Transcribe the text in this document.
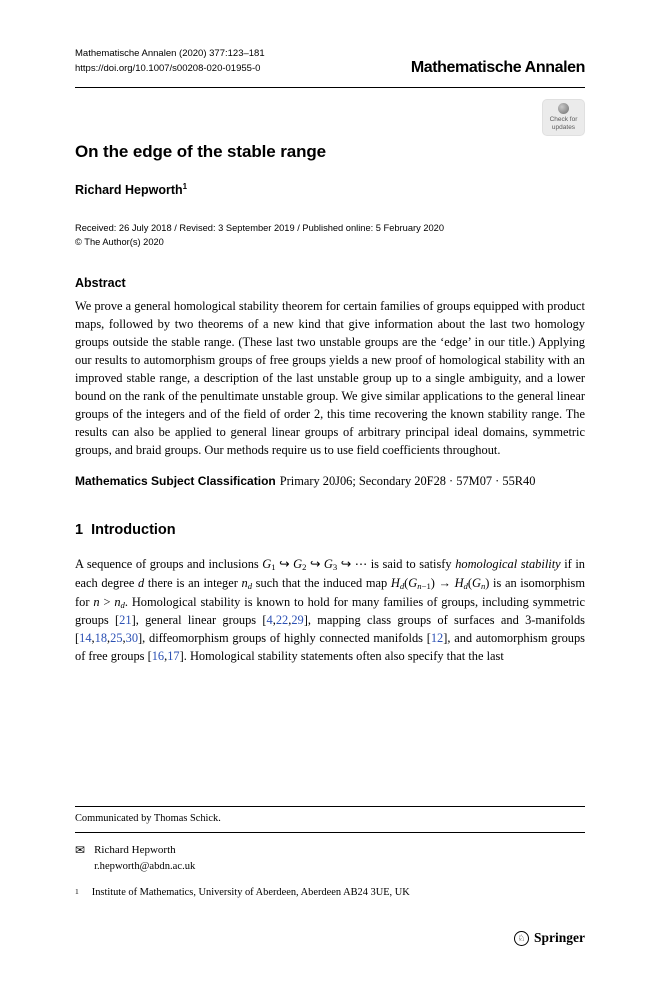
Mathematische Annalen (2020) 377:123–181
https://doi.org/10.1007/s00208-020-01955-0	Mathematische Annalen
Check for
updates
On the edge of the stable range
Richard Hepworth$^1$
Received: 26 July 2018 / Revised: 3 September 2019 / Published online: 5 February 2020
© The Author(s) 2020
Abstract

We prove a general homological stability theorem for certain families of groups equipped with product maps, followed by two theorems of a new kind that give information about the last two homology groups outside the stable range. (These last two unstable groups are the ‘edge’ in our title.) Applying our results to automorphism groups of free groups yields a new proof of homological stability with an improved stable range, a description of the last unstable group up to a single ambiguity, and a lower bound on the rank of the penultimate unstable group. We give similar applications to the general linear groups of the integers and of the field of order 2, this time recovering the known stability range. The results can also be applied to general linear groups of arbitrary principal ideal domains, symmetric groups, and braid groups. Our methods require us to use field coefficients throughout.

Mathematics Subject Classification Primary 20J06; Secondary 20F28 · 57M07 · 55R40

1 Introduction

A sequence of groups and inclusions $G_1$ ↪ $G_2$ ↪ $G_3$ ↪ ⋯ is said to satisfy homological stability if in each degree d there is an integer nd such that the induced map $Hd(Gn_{-1}) \to Hd(Gn)$ is an isomorphism for n > nd. Homological stability is known to hold for many families of groups, including symmetric groups [21], general linear groups [4,22,29], mapping class groups of surfaces and 3-manifolds [14,18,25,30], diffeomorphism groups of highly connected manifolds [12], and automorphism groups of free groups [16,17]. Homological stability statements often also specify that the last

Communicated by Thomas Schick.
✉ Richard Hepworth
r.hepworth@abdn.ac.uk
1 Institute of Mathematics, University of Aberdeen, Aberdeen AB24 3UE, UK
♘ Springer
